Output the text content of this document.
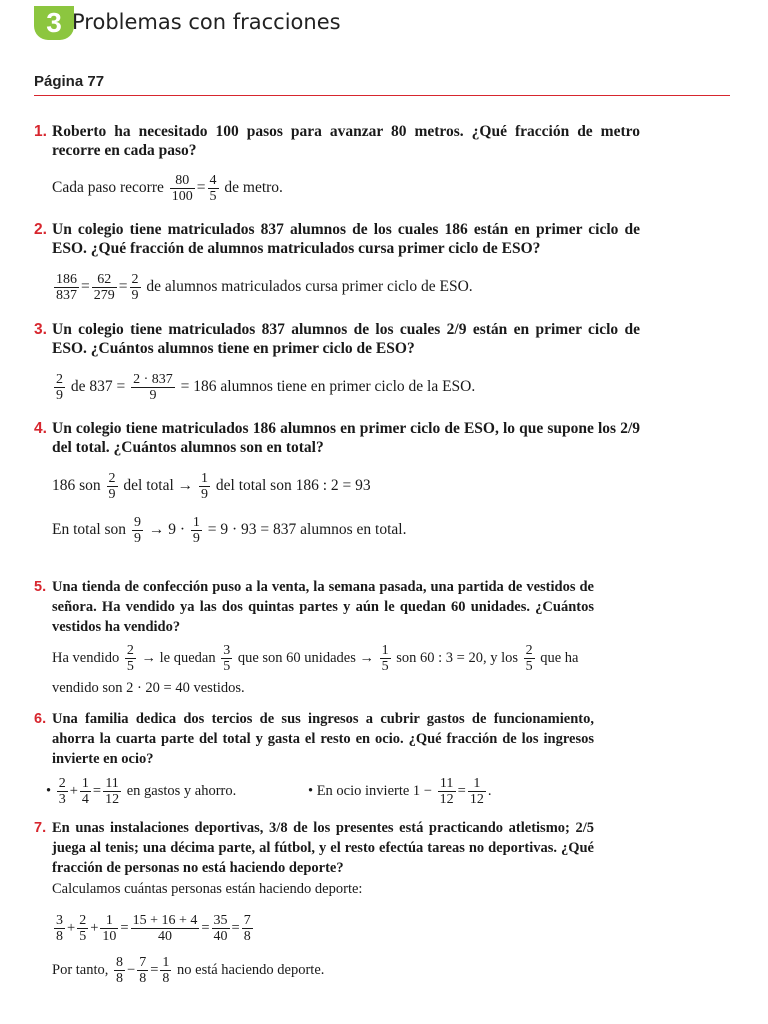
3 Problemas con fracciones
Página 77
1. Roberto ha necesitado 100 pasos para avanzar 80 metros. ¿Qué fracción de metro recorre en cada paso?
Cada paso recorre $\frac{80}{100} = \frac{4}{5}$ de metro.
2. Un colegio tiene matriculados 837 alumnos de los cuales 186 están en primer ciclo de ESO. ¿Qué fracción de alumnos matriculados cursa primer ciclo de ESO?
$\frac{186}{837} = \frac{62}{279} = \frac{2}{9}$ de alumnos matriculados cursa primer ciclo de ESO.
3. Un colegio tiene matriculados 837 alumnos de los cuales 2/9 están en primer ciclo de ESO. ¿Cuántos alumnos tiene en primer ciclo de ESO?
$\frac{2}{9}$ de $837 = \frac{2 \cdot 837}{9} = 186$ alumnos tiene en primer ciclo de la ESO.
4. Un colegio tiene matriculados 186 alumnos en primer ciclo de ESO, lo que supone los 2/9 del total. ¿Cuántos alumnos son en total?
186 son $\frac{2}{9}$ del total → $\frac{1}{9}$ del total son 186 : 2 = 93
En total son $\frac{9}{9} \to 9 \cdot \frac{1}{9} = 9 \cdot 93 = 837$ alumnos en total.
5. Una tienda de confección puso a la venta, la semana pasada, una partida de vestidos de señora. Ha vendido ya las dos quintas partes y aún le quedan 60 unidades. ¿Cuántos vestidos ha vendido?
Ha vendido $\frac{2}{5}$ → le quedan $\frac{3}{5}$ que son 60 unidades → $\frac{1}{5}$ son 60 : 3 = 20, y los $\frac{2}{5}$ que ha vendido son 2 · 20 = 40 vestidos.
6. Una familia dedica dos tercios de sus ingresos a cubrir gastos de funcionamiento, ahorra la cuarta parte del total y gasta el resto en ocio. ¿Qué fracción de los ingresos invierte en ocio?
• $\frac{2}{3} + \frac{1}{4} = \frac{11}{12}$ en gastos y ahorro.	• En ocio invierte $1 - \frac{11}{12} = \frac{1}{12}$ .
7. En unas instalaciones deportivas, 3/8 de los presentes está practicando atletismo; 2/5 juega al tenis; una décima parte, al fútbol, y el resto efectúa tareas no deportivas. ¿Qué fracción de personas no está haciendo deporte?
Calculamos cuántas personas están haciendo deporte:
$\frac{3}{8} + \frac{2}{5} + \frac{1}{10} = \frac{15 + 16 + 4}{40} = \frac{35}{40} = \frac{7}{8}$
Por tanto, $\frac{8}{8} - \frac{7}{8} = \frac{1}{8}$ no está haciendo deporte.
